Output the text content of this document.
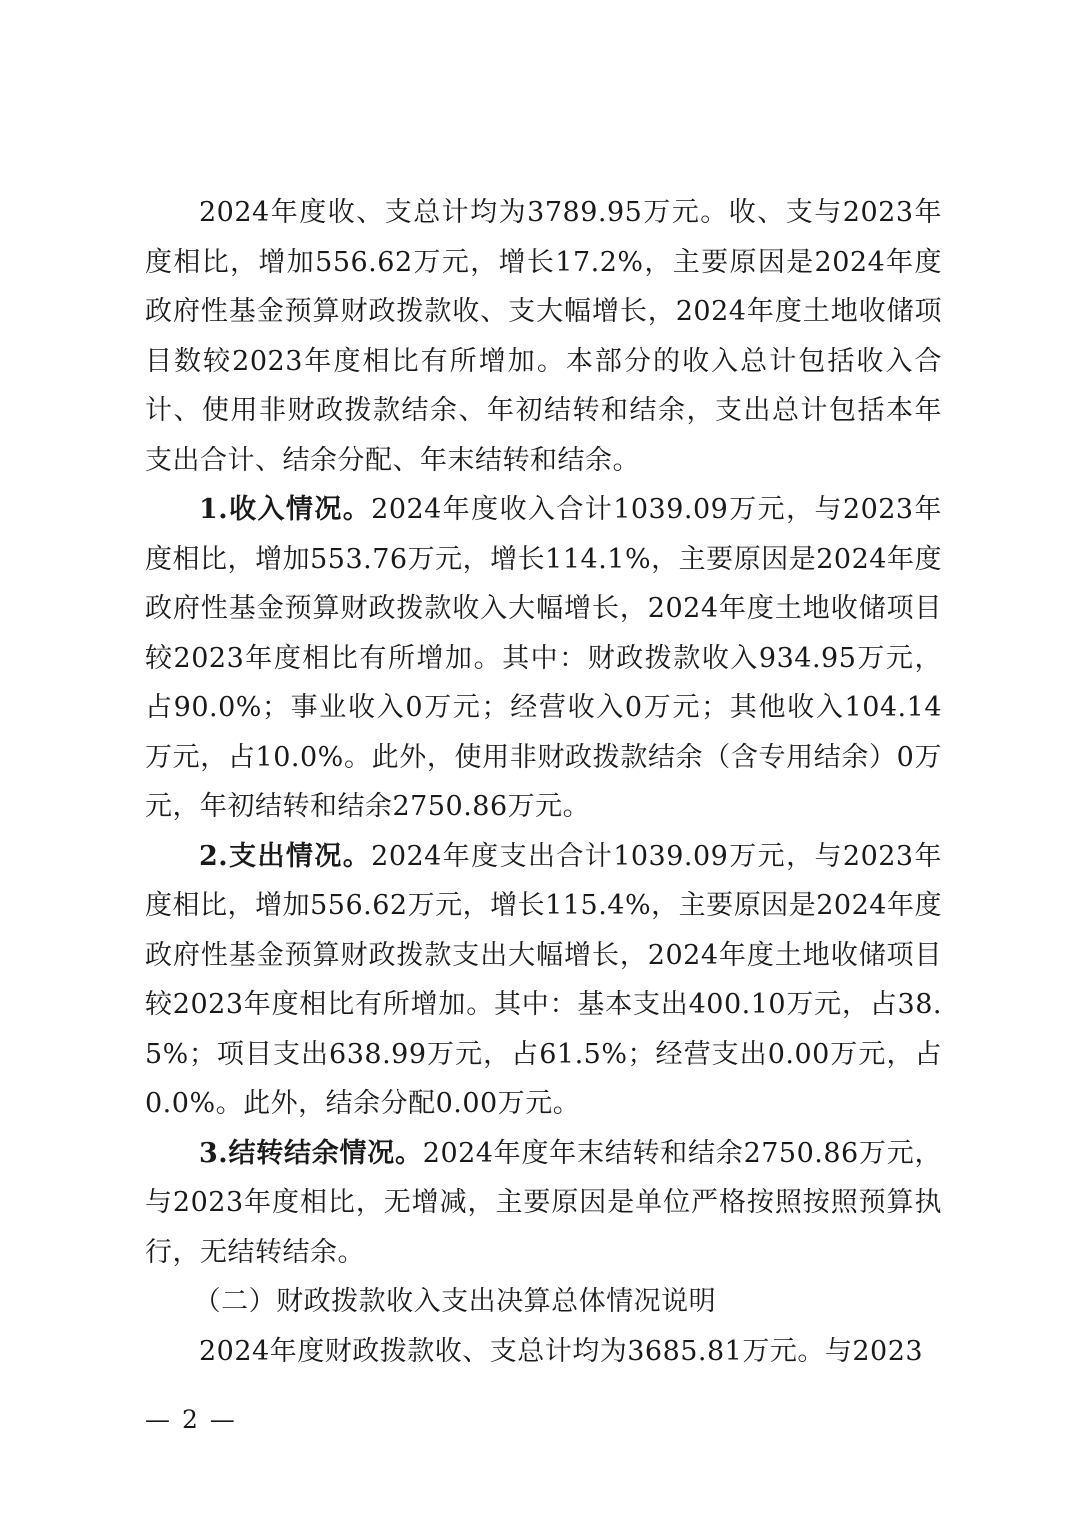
2024年度收、支总计均为3789.95万元。收、支与2023年度相比，增加556.62万元，增长17.2%，主要原因是2024年度政府性基金预算财政拨款收、支大幅增长，2024年度土地收储项目数较2023年度相比有所增加。本部分的收入总计包括收入合计、使用非财政拨款结余、年初结转和结余，支出总计包括本年支出合计、结余分配、年末结转和结余。

1.收入情况。2024年度收入合计1039.09万元，与2023年度相比，增加553.76万元，增长114.1%，主要原因是2024年度政府性基金预算财政拨款收入大幅增长，2024年度土地收储项目较2023年度相比有所增加。其中：财政拨款收入934.95万元，占90.0%；事业收入0万元；经营收入0万元；其他收入104.14万元，占10.0%。此外，使用非财政拨款结余（含专用结余）0万元，年初结转和结余2750.86万元。

2.支出情况。2024年度支出合计1039.09万元，与2023年度相比，增加556.62万元，增长115.4%，主要原因是2024年度政府性基金预算财政拨款支出大幅增长，2024年度土地收储项目较2023年度相比有所增加。其中：基本支出400.10万元，占38.5%；项目支出638.99万元，占61.5%；经营支出0.00万元，占0.0%。此外，结余分配0.00万元。

3.结转结余情况。2024年度年末结转和结余2750.86万元，与2023年度相比，无增减，主要原因是单位严格按照按照预算执行，无结转结余。

（二）财政拨款收入支出决算总体情况说明

2024年度财政拨款收、支总计均为3685.81万元。与2023

— 2 —
